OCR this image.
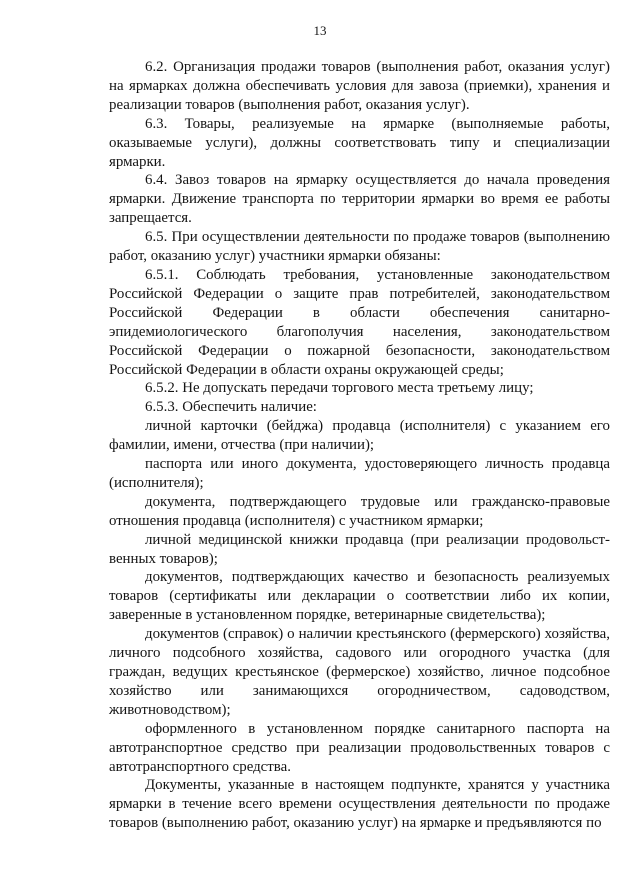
13

6.2. Организация продажи товаров (выполнения работ, оказания услуг) на ярмарках должна обеспечивать условия для завоза (приемки), хранения и реализации товаров (выполнения работ, оказания услуг).

6.3. Товары, реализуемые на ярмарке (выполняемые работы, оказываемые услуги), должны соответствовать типу и специализации ярмарки.

6.4. Завоз товаров на ярмарку осуществляется до начала проведения ярмарки. Движение транспорта по территории ярмарки во время ее работы запрещается.

6.5. При осуществлении деятельности по продаже товаров (выполнению работ, оказанию услуг) участники ярмарки обязаны:

6.5.1. Соблюдать требования, установленные законодательством Российской Федерации о защите прав потребителей, законодательством Российской Федерации в области обеспечения санитарно-эпидемиологического благополучия населения, законодательством Российской Федерации о пожарной безопасности, законодательством Российской Федерации в области охраны окружающей среды;

6.5.2. Не допускать передачи торгового места третьему лицу;

6.5.3. Обеспечить наличие:

личной карточки (бейджа) продавца (исполнителя) с указанием его фамилии, имени, отчества (при наличии);

паспорта или иного документа, удостоверяющего личность продавца (исполнителя);

документа, подтверждающего трудовые или гражданско-правовые отношения продавца (исполнителя) с участником ярмарки;

личной медицинской книжки продавца (при реализации продовольст-венных товаров);

документов, подтверждающих качество и безопасность реализуемых товаров (сертификаты или декларации о соответствии либо их копии, заверенные в установленном порядке, ветеринарные свидетельства);

документов (справок) о наличии крестьянского (фермерского) хозяйства, личного подсобного хозяйства, садового или огородного участка (для граждан, ведущих крестьянское (фермерское) хозяйство, личное подсобное хозяйство или занимающихся огородничеством, садоводством, животноводством);

оформленного в установленном порядке санитарного паспорта на автотранспортное средство при реализации продовольственных товаров с автотранспортного средства.

Документы, указанные в настоящем подпункте, хранятся у участника ярмарки в течение всего времени осуществления деятельности по продаже товаров (выполнению работ, оказанию услуг) на ярмарке и предъявляются по
